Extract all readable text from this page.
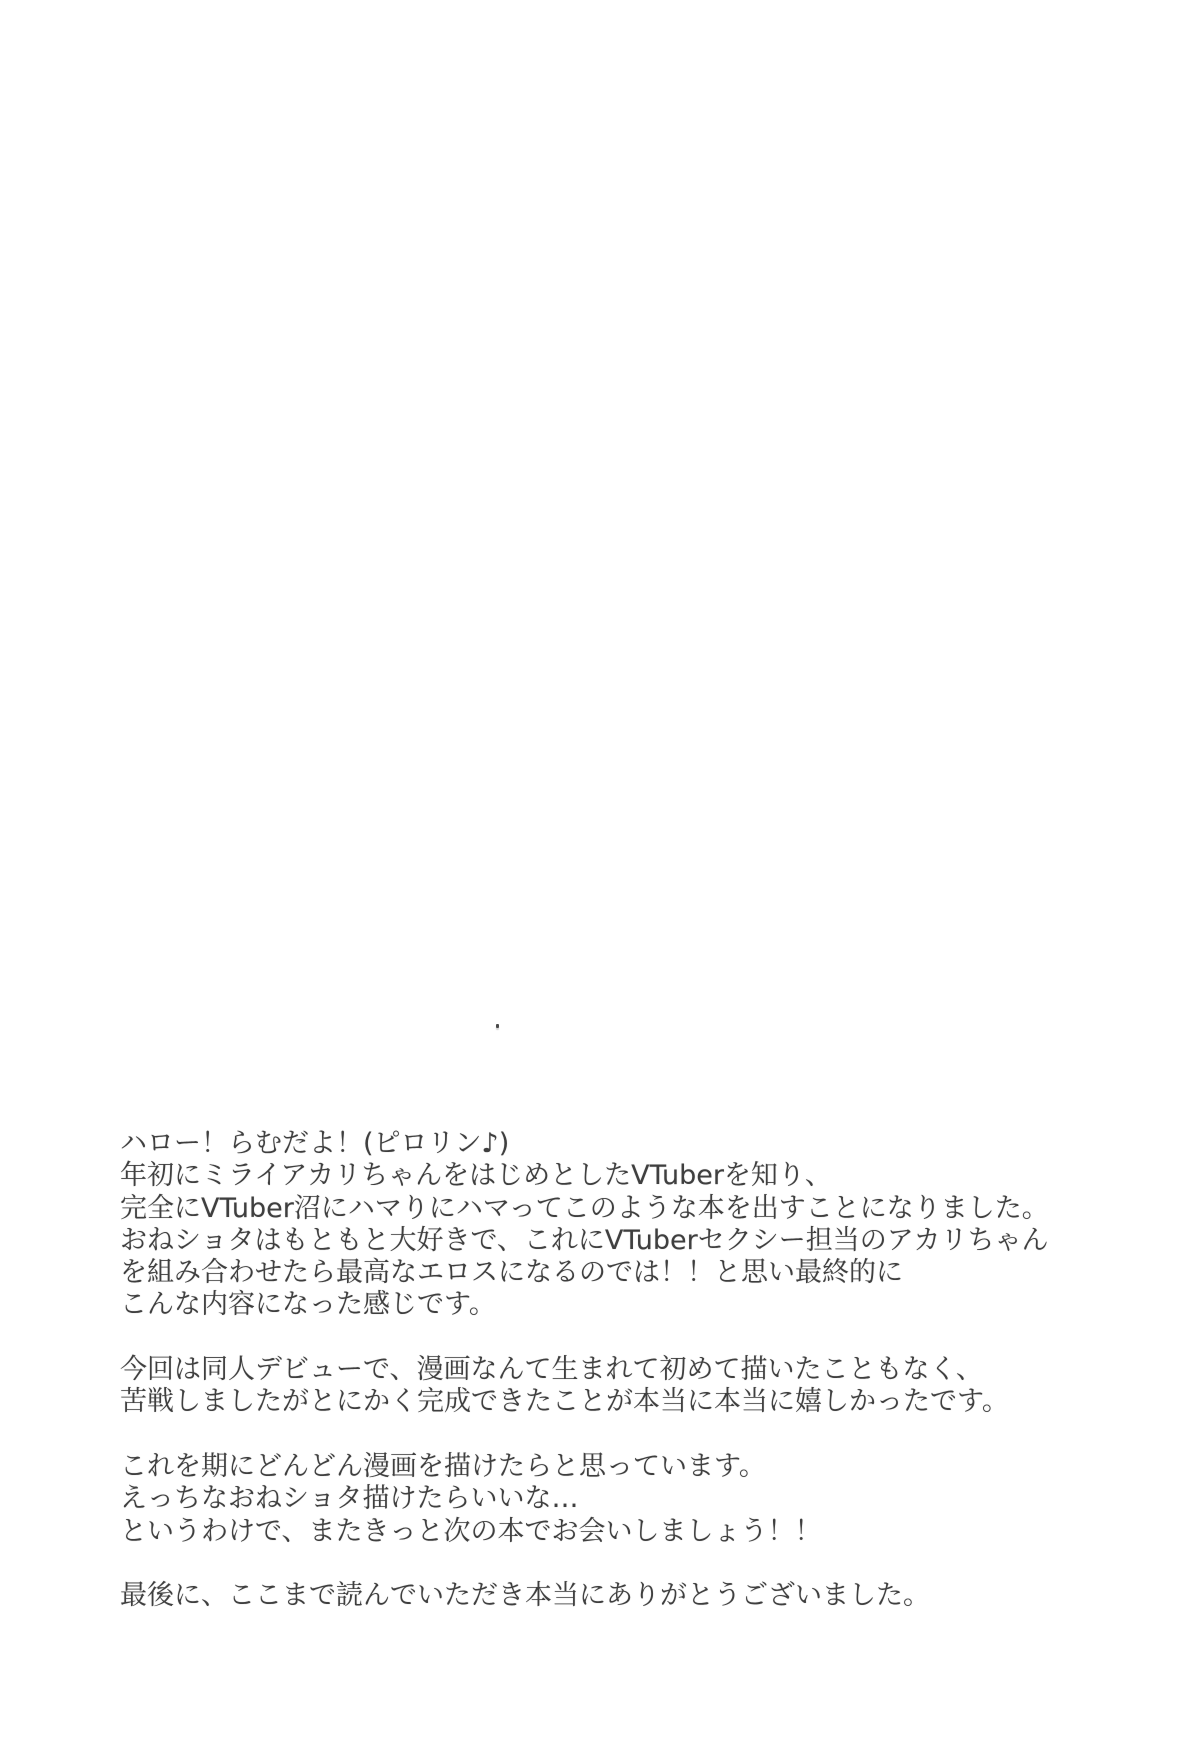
ハロー！らむだよ！(ピロリン♪)
年初にミライアカリちゃんをはじめとしたVTuberを知り、
完全にVTuber沼にハマりにハマってこのような本を出すことになりました。
おねショタはもともと大好きで、これにVTuberセクシー担当のアカリちゃん
を組み合わせたら最高なエロスになるのでは！！と思い最終的に
こんな内容になった感じです。
今回は同人デビューで、漫画なんて生まれて初めて描いたこともなく、
苦戦しましたがとにかく完成できたことが本当に本当に嬉しかったです。
これを期にどんどん漫画を描けたらと思っています。
えっちなおねショタ描けたらいいな…
というわけで、またきっと次の本でお会いしましょう！！
最後に、ここまで読んでいただき本当にありがとうございました。
